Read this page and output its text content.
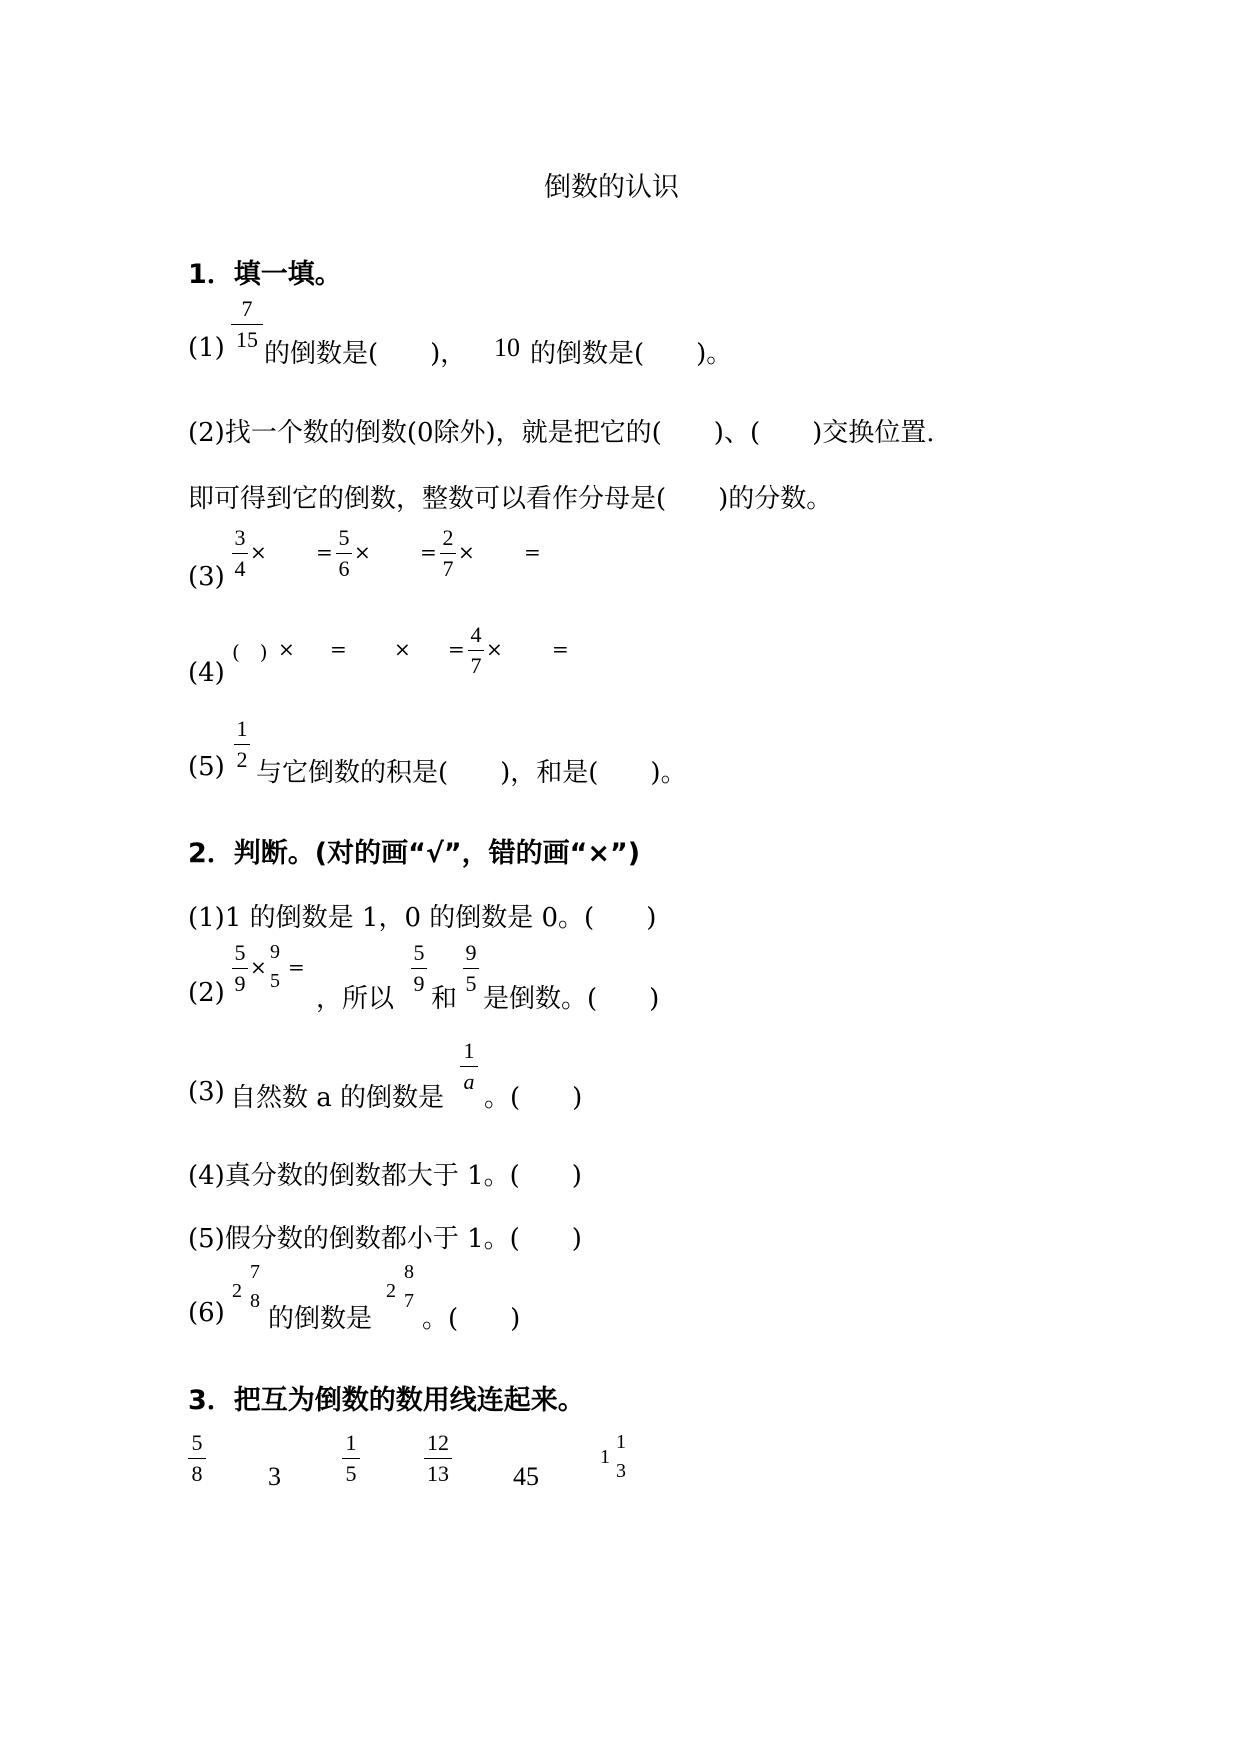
倒数的认识
1．填一填。
(1)
7
15 的倒数是(　　)， 10 的倒数是(　　)。
(2)找一个数的倒数(0除外)，就是把它的(　　)、(　　)交换位置.
即可得到它的倒数，整数可以看作分母是(　　)的分数。
(3)
3
4
× =
5
6
× =
2
7
× =
(4)
(　) × = × =
4
7
× =
(5)
1
2 与它倒数的积是(　　)，和是(　　)。
2．判断。(对的画“√”，错的画“×”)
(1)1 的倒数是 1，0 的倒数是 0。(　　)
(2)
5
9
×
9
5
=
，所以
5
9
和
9
5
是倒数。(　　)
(3) 自然数 a 的倒数是
1
a
。(　　)
(4)真分数的倒数都大于 1。(　　)
(5)假分数的倒数都小于 1。(　　)
(6)
2
7
8
的倒数是
2
8
7
。(　　)
3．把互为倒数的数用线连起来。
5
8	3
1
5
12
13 45
1
1
3
